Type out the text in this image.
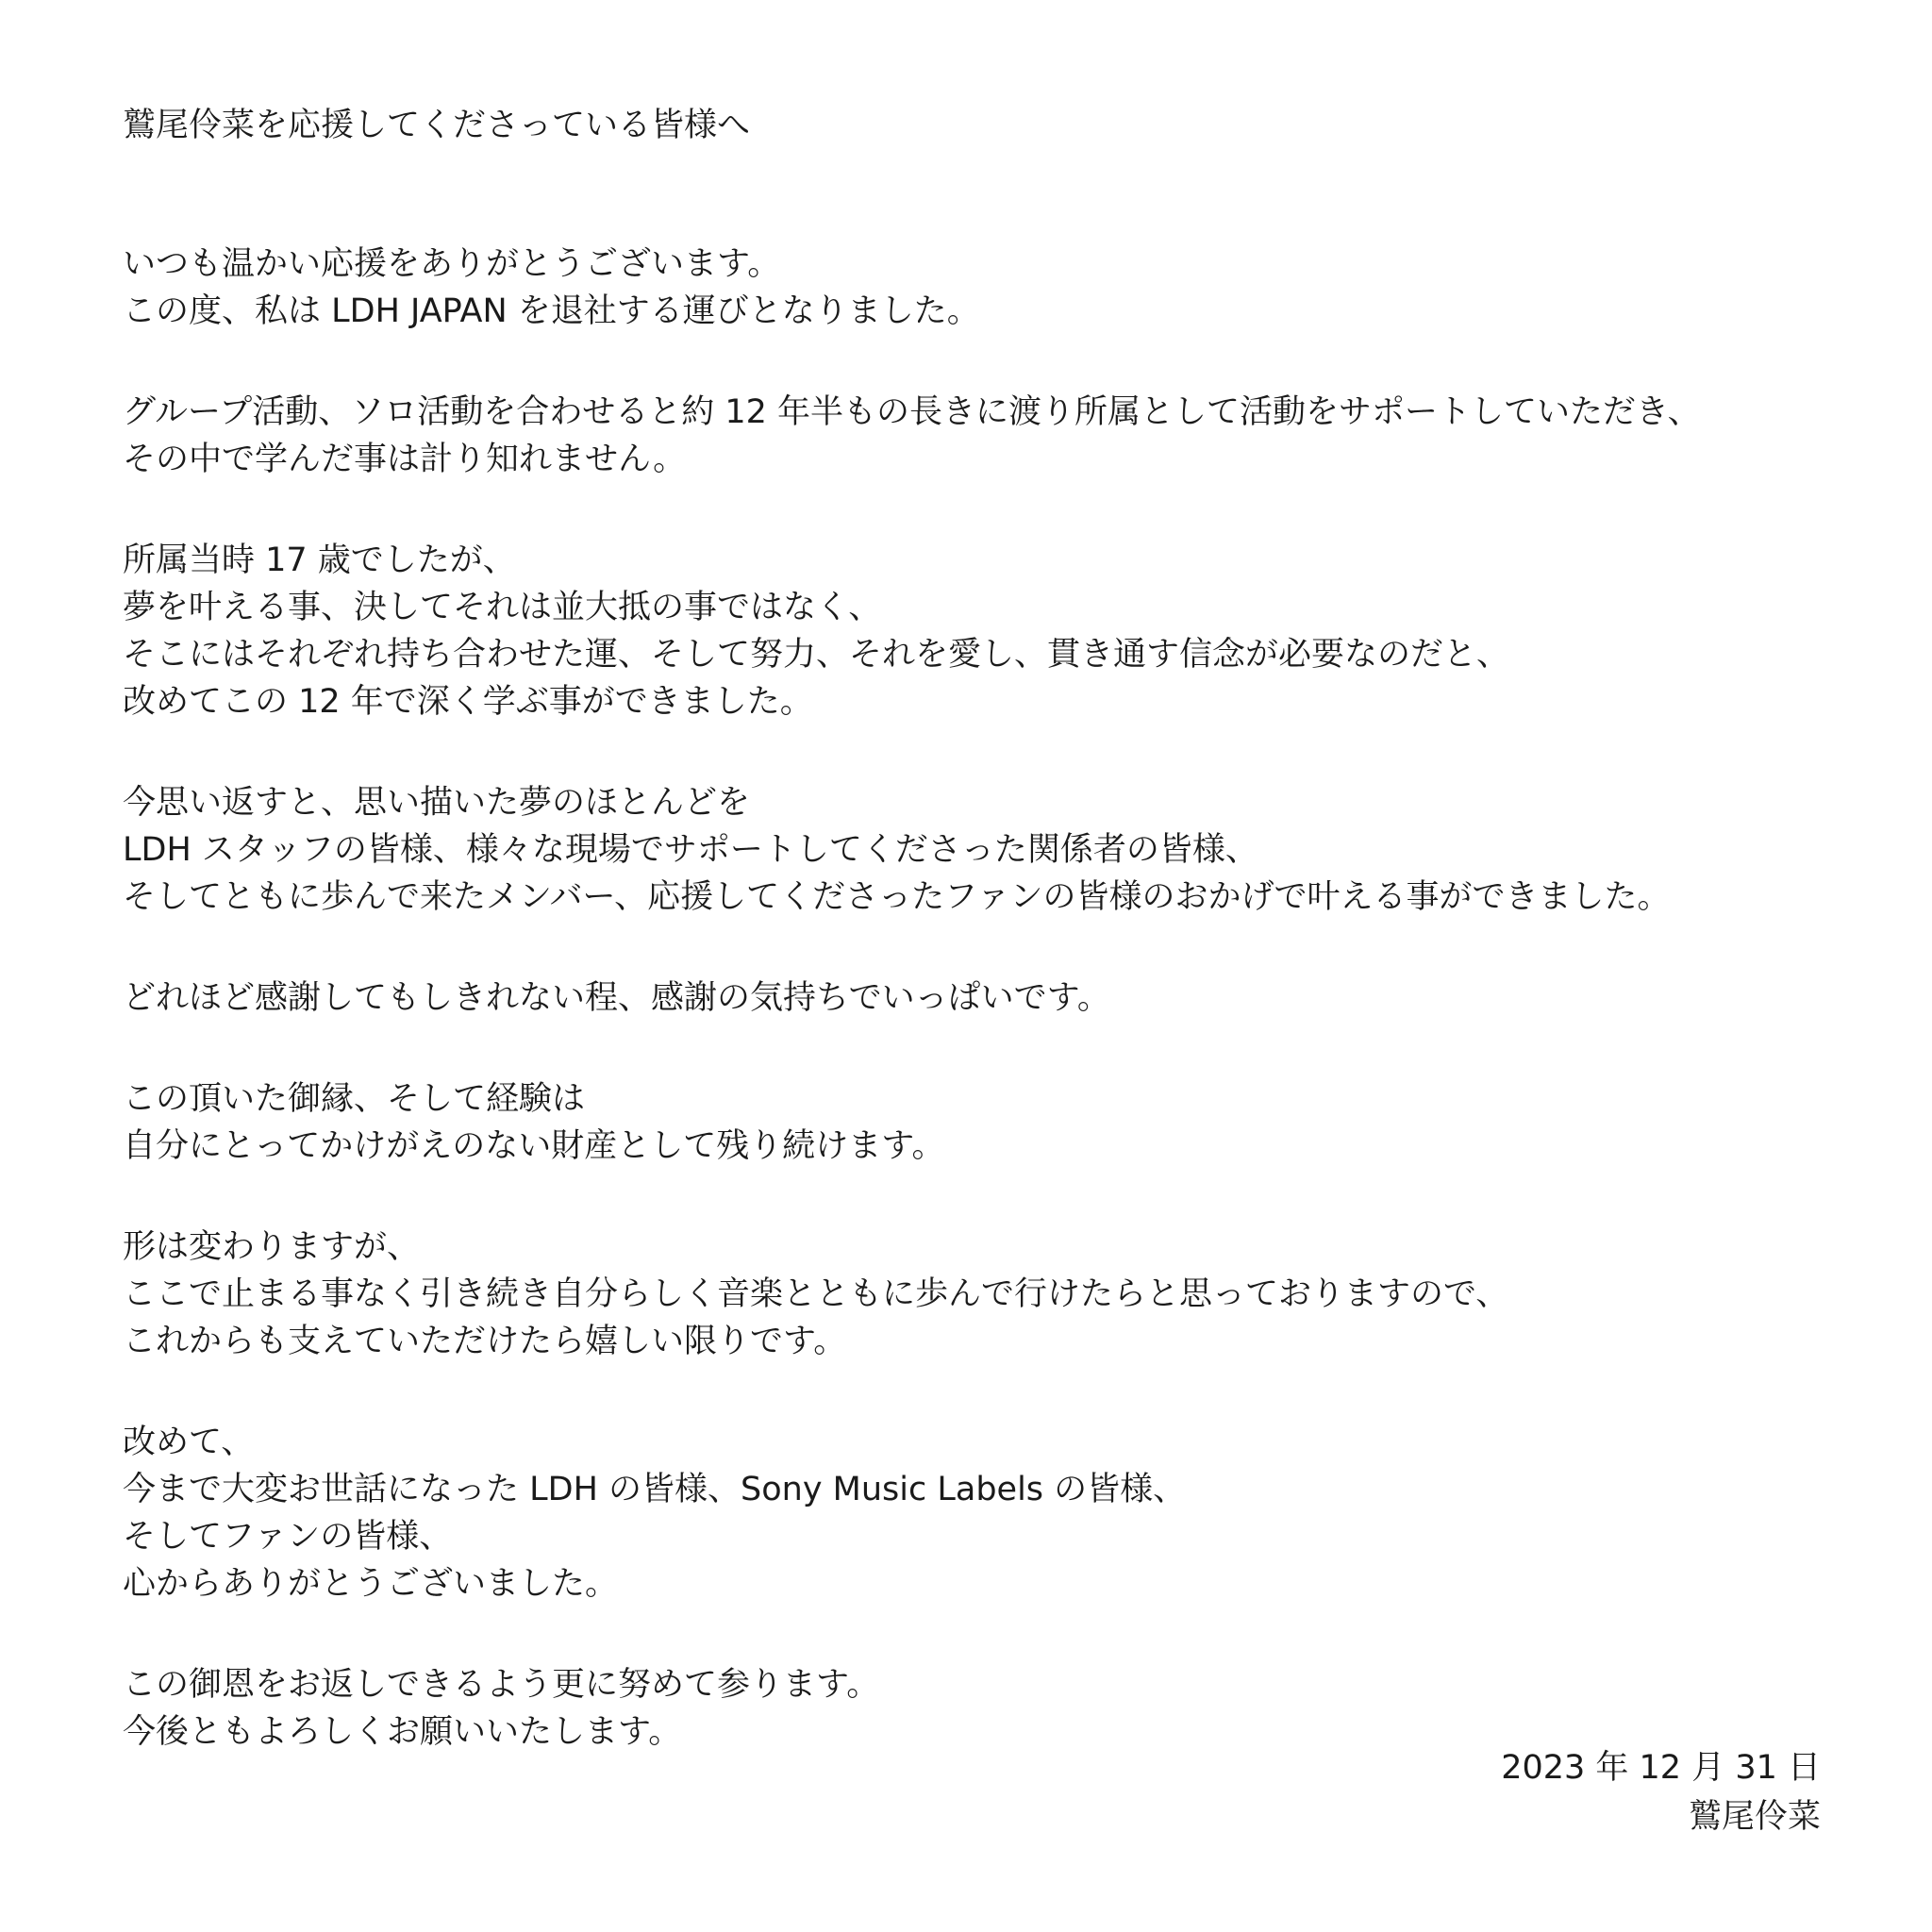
鷲尾伶菜を応援してくださっている皆様へ
いつも温かい応援をありがとうございます。
この度、私は LDH JAPAN を退社する運びとなりました。
グループ活動、ソロ活動を合わせると約 12 年半もの長きに渡り所属として活動をサポートしていただき、
その中で学んだ事は計り知れません。
所属当時 17 歳でしたが、
夢を叶える事、決してそれは並大抵の事ではなく、
そこにはそれぞれ持ち合わせた運、そして努力、それを愛し、貫き通す信念が必要なのだと、
改めてこの 12 年で深く学ぶ事ができました。
今思い返すと、思い描いた夢のほとんどを
LDH スタッフの皆様、様々な現場でサポートしてくださった関係者の皆様、
そしてともに歩んで来たメンバー、応援してくださったファンの皆様のおかげで叶える事ができました。
どれほど感謝してもしきれない程、感謝の気持ちでいっぱいです。
この頂いた御縁、そして経験は
自分にとってかけがえのない財産として残り続けます。
形は変わりますが、
ここで止まる事なく引き続き自分らしく音楽とともに歩んで行けたらと思っておりますので、
これからも支えていただけたら嬉しい限りです。
改めて、
今まで大変お世話になった LDH の皆様、Sony Music Labels の皆様、
そしてファンの皆様、
心からありがとうございました。
この御恩をお返しできるよう更に努めて参ります。
今後ともよろしくお願いいたします。
2023 年 12 月 31 日
鷲尾伶菜
